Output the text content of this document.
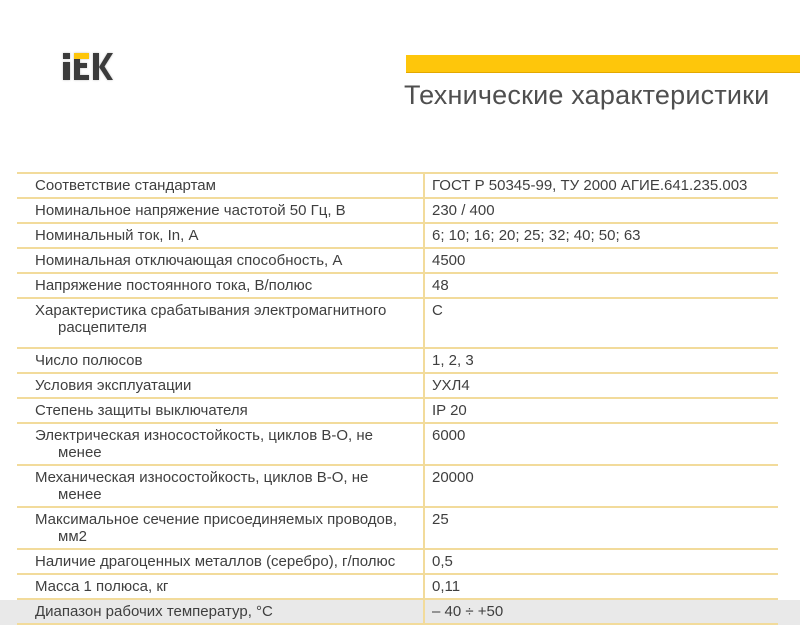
Технические характеристики
Соответствие стандартам	ГОСТ Р 50345-99, ТУ 2000 АГИЕ.641.235.003

Номинальное напряжение частотой 50 Гц, В	230 / 400

Номинальный ток, In, А	6; 10; 16; 20; 25; 32; 40; 50; 63

Номинальная отключающая способность, А	4500

Напряжение постоянного тока, В/полюс	48

Характеристика срабатывания электромагнитного расцепителя	С

Число полюсов	1, 2, 3

Условия эксплуатации	УХЛ4

Степень защиты выключателя	IP 20

Электрическая износостойкость, циклов В-О, не менее	6000

Механическая износостойкость, циклов В-О, не менее	20000

Максимальное сечение присоединяемых проводов, мм2	25

Наличие драгоценных металлов (серебро), г/полюс	0,5

Масса 1 полюса, кг	0,11

Диапазон рабочих температур, °С	– 40 ÷ +50
